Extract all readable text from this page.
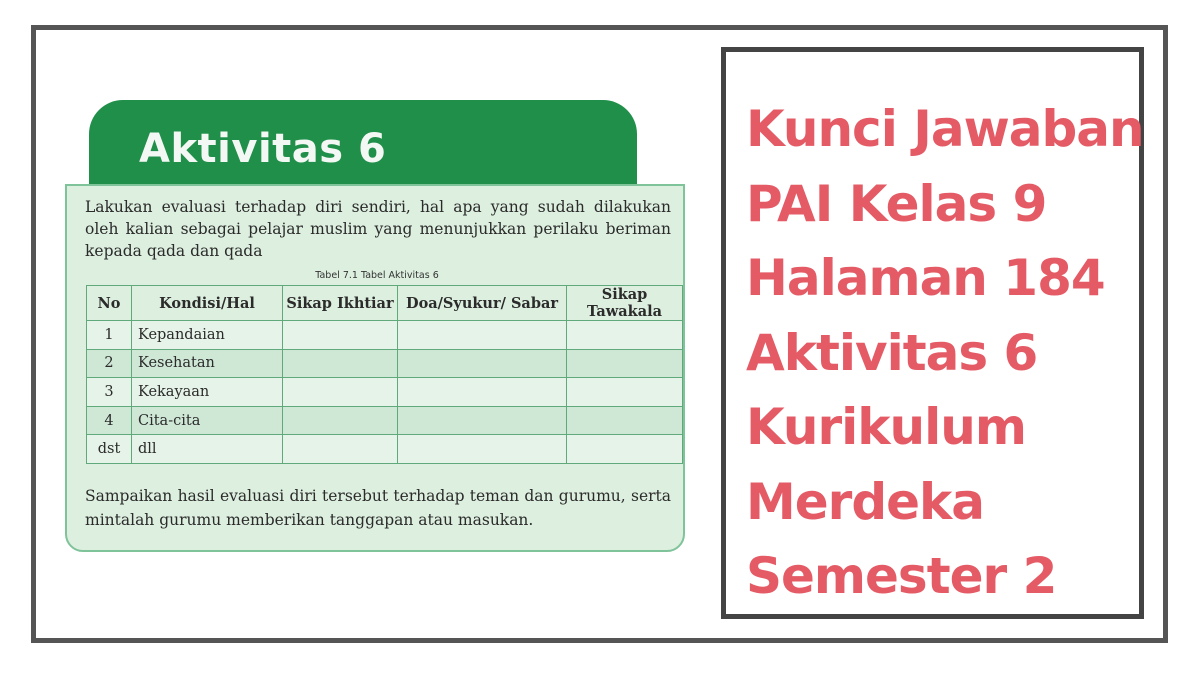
Aktivitas 6

Lakukan evaluasi terhadap diri sendiri, hal apa yang sudah dilakukan oleh kalian sebagai pelajar muslim yang menunjukkan perilaku beriman kepada qada dan qada

Tabel 7.1 Tabel Aktivitas 6
No	Kondisi/Hal	Sikap Ikhtiar	Doa/Syukur/ Sabar	Sikap Tawakala
1	Kepandaian			
2	Kesehatan			
3	Kekayaan			
4	Cita-cita			
dst	dll			

Sampaikan hasil evaluasi diri tersebut terhadap teman dan gurumu, serta mintalah gurumu memberikan tanggapan atau masukan.

Kunci Jawaban
PAI Kelas 9
Halaman 184
Aktivitas 6
Kurikulum
Merdeka
Semester 2
